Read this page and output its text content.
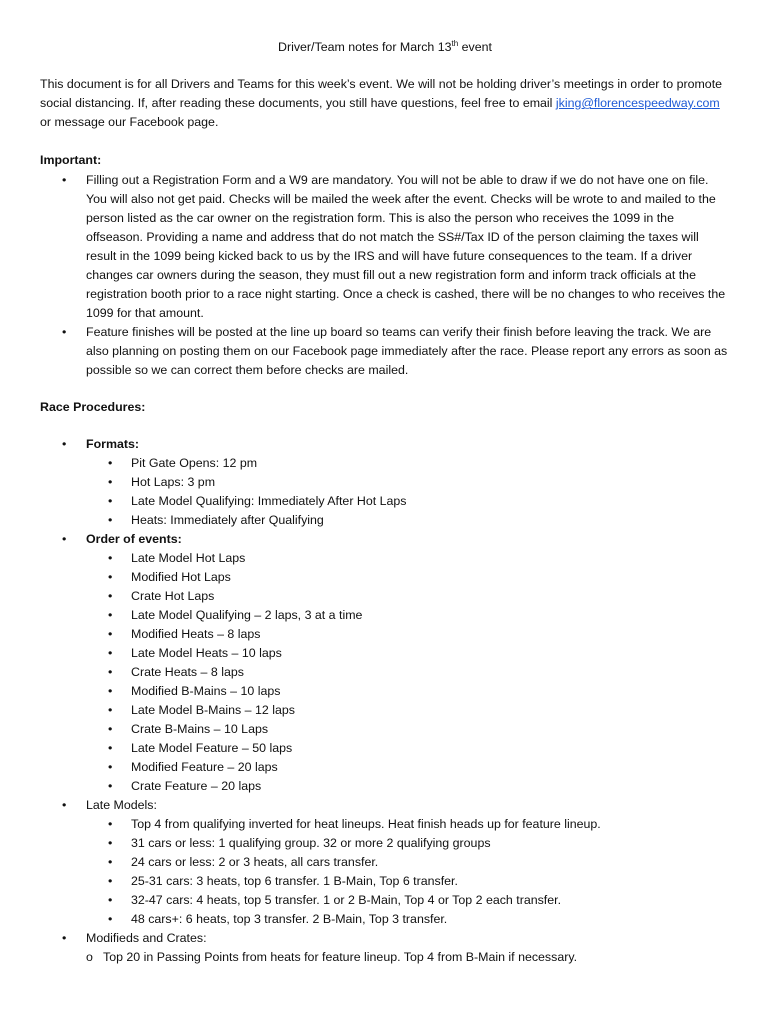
Driver/Team notes for March 13th event
This document is for all Drivers and Teams for this week’s event. We will not be holding driver’s meetings in order to promote social distancing. If, after reading these documents, you still have questions, feel free to email jking@florencespeedway.com or message our Facebook page.
Important:
• Filling out a Registration Form and a W9 are mandatory. You will not be able to draw if we do not have one on file. You will also not get paid. Checks will be mailed the week after the event. Checks will be wrote to and mailed to the person listed as the car owner on the registration form. This is also the person who receives the 1099 in the offseason. Providing a name and address that do not match the SS#/Tax ID of the person claiming the taxes will result in the 1099 being kicked back to us by the IRS and will have future consequences to the team. If a driver changes car owners during the season, they must fill out a new registration form and inform track officials at the registration booth prior to a race night starting. Once a check is cashed, there will be no changes to who receives the 1099 for that amount.
• Feature finishes will be posted at the line up board so teams can verify their finish before leaving the track. We are also planning on posting them on our Facebook page immediately after the race. Please report any errors as soon as possible so we can correct them before checks are mailed.
Race Procedures:
• Formats:
• Pit Gate Opens: 12 pm
• Hot Laps: 3 pm
• Late Model Qualifying: Immediately After Hot Laps
• Heats: Immediately after Qualifying
• Order of events:
• Late Model Hot Laps
• Modified Hot Laps
• Crate Hot Laps
• Late Model Qualifying – 2 laps, 3 at a time
• Modified Heats – 8 laps
• Late Model Heats – 10 laps
• Crate Heats – 8 laps
• Modified B-Mains – 10 laps
• Late Model B-Mains – 12 laps
• Crate B-Mains – 10 Laps
• Late Model Feature – 50 laps
• Modified Feature – 20 laps
• Crate Feature – 20 laps
• Late Models:
• Top 4 from qualifying inverted for heat lineups. Heat finish heads up for feature lineup.
• 31 cars or less: 1 qualifying group. 32 or more 2 qualifying groups
• 24 cars or less: 2 or 3 heats, all cars transfer.
• 25-31 cars: 3 heats, top 6 transfer. 1 B-Main, Top 6 transfer.
• 32-47 cars: 4 heats, top 5 transfer. 1 or 2 B-Main, Top 4 or Top 2 each transfer.
• 48 cars+: 6 heats, top 3 transfer. 2 B-Main, Top 3 transfer.
• Modifieds and Crates:
o Top 20 in Passing Points from heats for feature lineup. Top 4 from B-Main if necessary.
